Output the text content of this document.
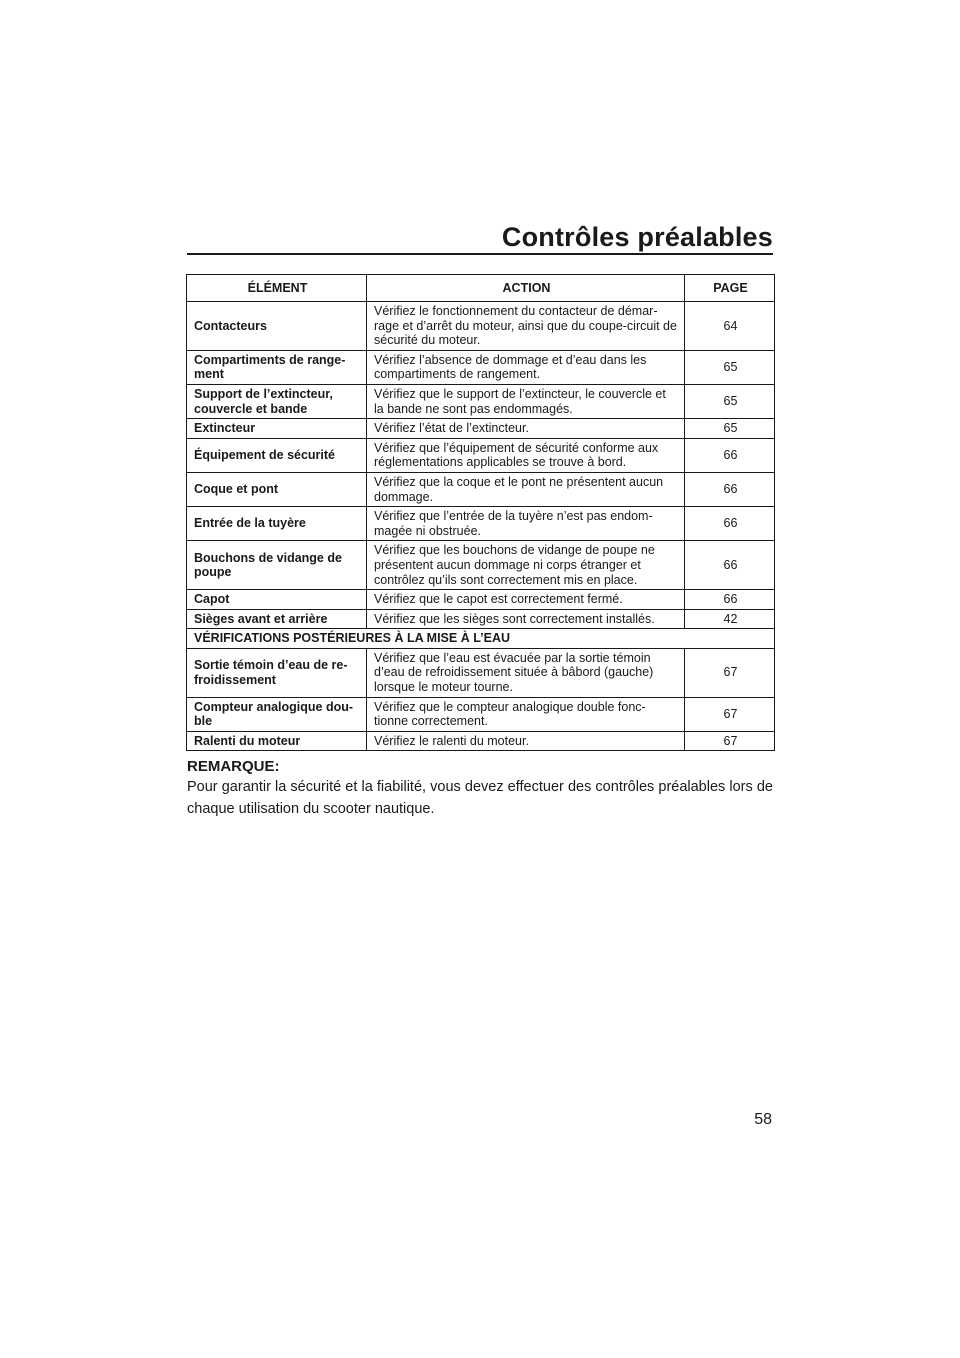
Contrôles préalables
ÉLÉMENT	ACTION	PAGE
Contacteurs	Vérifiez le fonctionnement du contacteur de démar- rage et d’arrêt du moteur, ainsi que du coupe-circuit de sécurité du moteur.	64
Compartiments de range- ment	Vérifiez l’absence de dommage et d’eau dans les compartiments de rangement.	65
Support de l’extincteur, couvercle et bande	Vérifiez que le support de l’extincteur, le couvercle et la bande ne sont pas endommagés.	65
Extincteur	Vérifiez l’état de l’extincteur.	65
Équipement de sécurité	Vérifiez que l’équipement de sécurité conforme aux réglementations applicables se trouve à bord.	66
Coque et pont	Vérifiez que la coque et le pont ne présentent aucun dommage.	66
Entrée de la tuyère	Vérifiez que l’entrée de la tuyère n’est pas endom- magée ni obstruée.	66
Bouchons de vidange de poupe	Vérifiez que les bouchons de vidange de poupe ne présentent aucun dommage ni corps étranger et contrôlez qu’ils sont correctement mis en place.	66
Capot	Vérifiez que le capot est correctement fermé.	66
Sièges avant et arrière	Vérifiez que les sièges sont correctement installés.	42
VÉRIFICATIONS POSTÉRIEURES À LA MISE À L’EAU		
Sortie témoin d’eau de re- froidissement	Vérifiez que l’eau est évacuée par la sortie témoin d’eau de refroidissement située à bâbord (gauche) lorsque le moteur tourne.	67
Compteur analogique dou- ble	Vérifiez que le compteur analogique double fonc- tionne correctement.	67
Ralenti du moteur	Vérifiez le ralenti du moteur.	67
REMARQUE:
Pour garantir la sécurité et la fiabilité, vous devez effectuer des contrôles préalables lors de chaque utilisation du scooter nautique.
58
